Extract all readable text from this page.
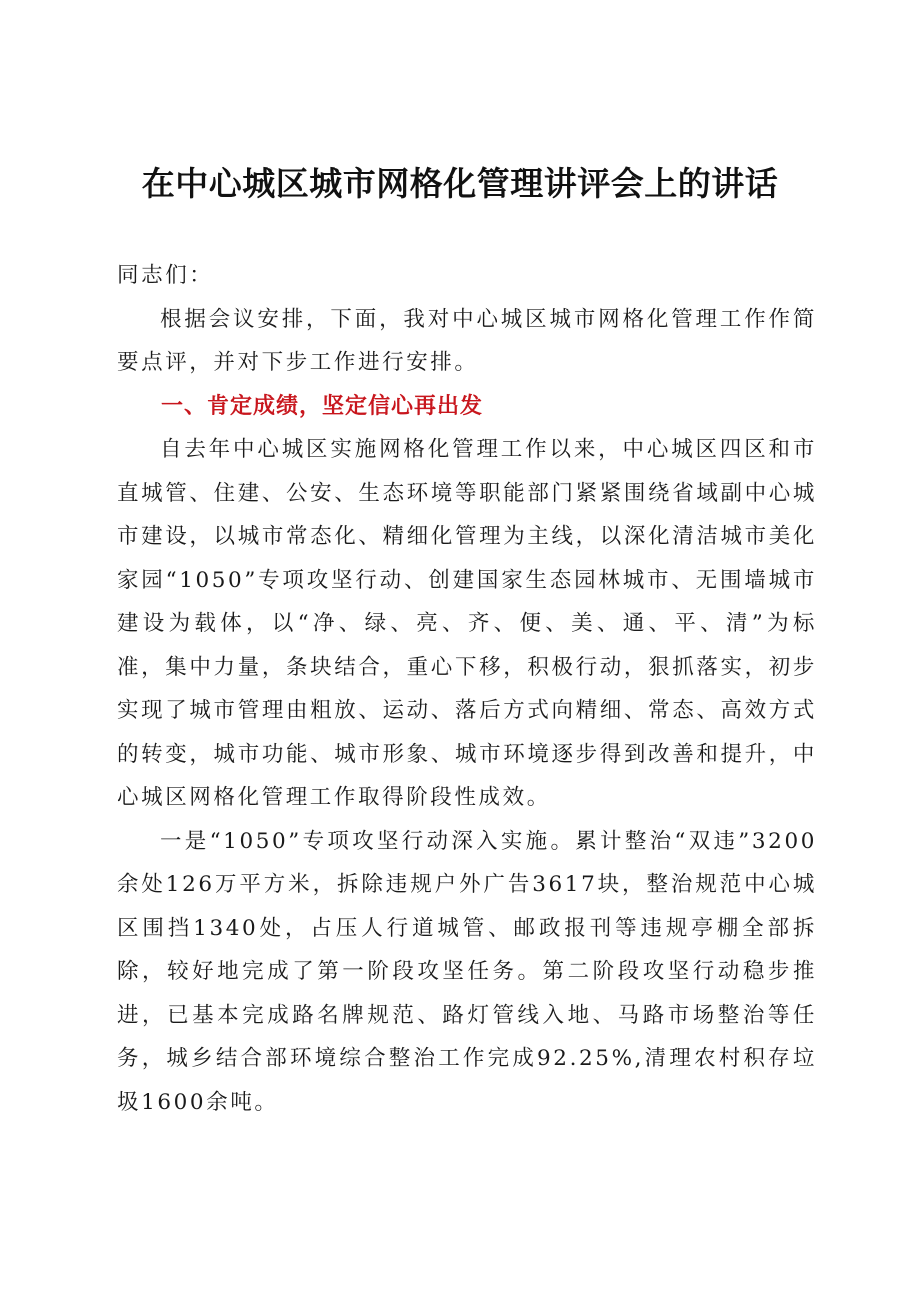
在中心城区城市网格化管理讲评会上的讲话

同志们：

根据会议安排，下面，我对中心城区城市网格化管理工作作简要点评，并对下步工作进行安排。

一、肯定成绩，坚定信心再出发

自去年中心城区实施网格化管理工作以来，中心城区四区和市直城管、住建、公安、生态环境等职能部门紧紧围绕省域副中心城市建设，以城市常态化、精细化管理为主线，以深化清洁城市美化家园“1050”专项攻坚行动、创建国家生态园林城市、无围墙城市建设为载体，以“净、绿、亮、齐、便、美、通、平、清”为标准，集中力量，条块结合，重心下移，积极行动，狠抓落实，初步实现了城市管理由粗放、运动、落后方式向精细、常态、高效方式的转变，城市功能、城市形象、城市环境逐步得到改善和提升，中心城区网格化管理工作取得阶段性成效。

一是“1050”专项攻坚行动深入实施。累计整治“双违”3200余处126万平方米，拆除违规户外广告3617块，整治规范中心城区围挡1340处，占压人行道城管、邮政报刊等违规亭棚全部拆除，较好地完成了第一阶段攻坚任务。第二阶段攻坚行动稳步推进，已基本完成路名牌规范、路灯管线入地、马路市场整治等任务，城乡结合部环境综合整治工作完成92.25%,清理农村积存垃圾1600余吨。
